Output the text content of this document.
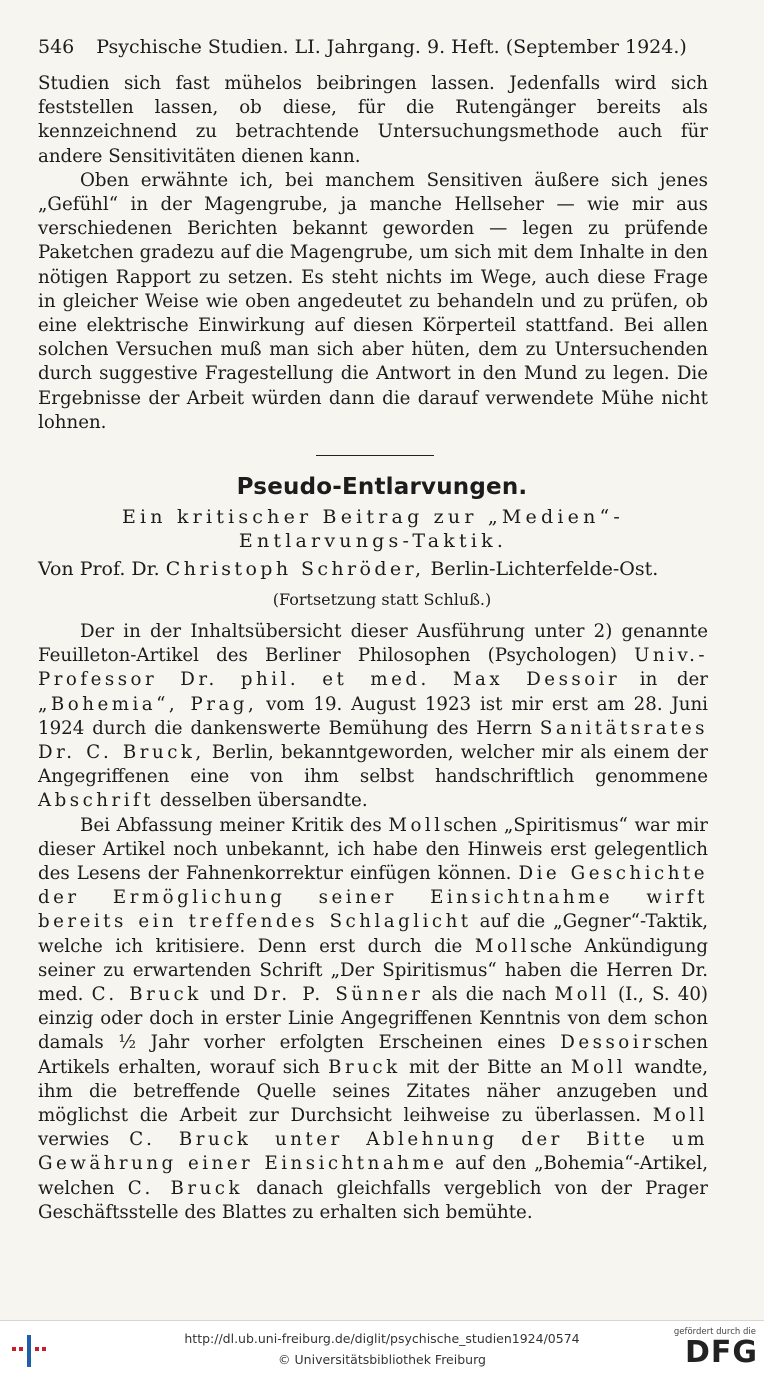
546 Psychische Studien. LI. Jahrgang. 9. Heft. (September 1924.)

Studien sich fast mühelos beibringen lassen. Jedenfalls wird sich feststellen lassen, ob diese, für die Rutengänger bereits als kennzeichnend zu betrachtende Untersuchungsmethode auch für andere Sensitivitäten dienen kann.

Oben erwähnte ich, bei manchem Sensitiven äußere sich jenes „Gefühl“ in der Magengrube, ja manche Hellseher — wie mir aus verschiedenen Berichten bekannt geworden — legen zu prüfende Paketchen gradezu auf die Magengrube, um sich mit dem Inhalte in den nötigen Rapport zu setzen. Es steht nichts im Wege, auch diese Frage in gleicher Weise wie oben angedeutet zu behandeln und zu prüfen, ob eine elektrische Einwirkung auf diesen Körperteil stattfand. Bei allen solchen Versuchen muß man sich aber hüten, dem zu Untersuchenden durch suggestive Fragestellung die Antwort in den Mund zu legen. Die Ergebnisse der Arbeit würden dann die darauf verwendete Mühe nicht lohnen.

Pseudo-Entlarvungen.
Ein kritischer Beitrag zur „Medien“-Entlarvungs-Taktik.
Von Prof. Dr. Christoph Schröder, Berlin-Lichterfelde-Ost.
(Fortsetzung statt Schluß.)

Der in der Inhaltsübersicht dieser Ausführung unter 2) genannte Feuilleton-Artikel des Berliner Philosophen (Psychologen) Univ.-Professor Dr. phil. et med. Max Dessoir in der „Bohemia“, Prag, vom 19. August 1923 ist mir erst am 28. Juni 1924 durch die dankenswerte Bemühung des Herrn Sanitätsrates Dr. C. Bruck, Berlin, bekanntgeworden, welcher mir als einem der Angegriffenen eine von ihm selbst handschriftlich genommene Abschrift desselben übersandte.

Bei Abfassung meiner Kritik des Mollschen „Spiritismus“ war mir dieser Artikel noch unbekannt, ich habe den Hinweis erst gelegentlich des Lesens der Fahnenkorrektur einfügen können. Die Geschichte der Ermöglichung seiner Einsichtnahme wirft bereits ein treffendes Schlaglicht auf die „Gegner“-Taktik, welche ich kritisiere. Denn erst durch die Mollsche Ankündigung seiner zu erwartenden Schrift „Der Spiritismus“ haben die Herren Dr. med. C. Bruck und Dr. P. Sünner als die nach Moll (I., S. 40) einzig oder doch in erster Linie Angegriffenen Kenntnis von dem schon damals ½ Jahr vorher erfolgten Erscheinen eines Dessoirschen Artikels erhalten, worauf sich Bruck mit der Bitte an Moll wandte, ihm die betreffende Quelle seines Zitates näher anzugeben und möglichst die Arbeit zur Durchsicht leihweise zu überlassen. Moll verwies C. Bruck unter Ablehnung der Bitte um Gewährung einer Einsichtnahme auf den „Bohemia“-Artikel, welchen C. Bruck danach gleichfalls vergeblich von der Prager Geschäftsstelle des Blattes zu erhalten sich bemühte.

http://dl.ub.uni-freiburg.de/diglit/psychische_studien1924/0574
© Universitätsbibliothek Freiburg
gefördert durch die
DFG
